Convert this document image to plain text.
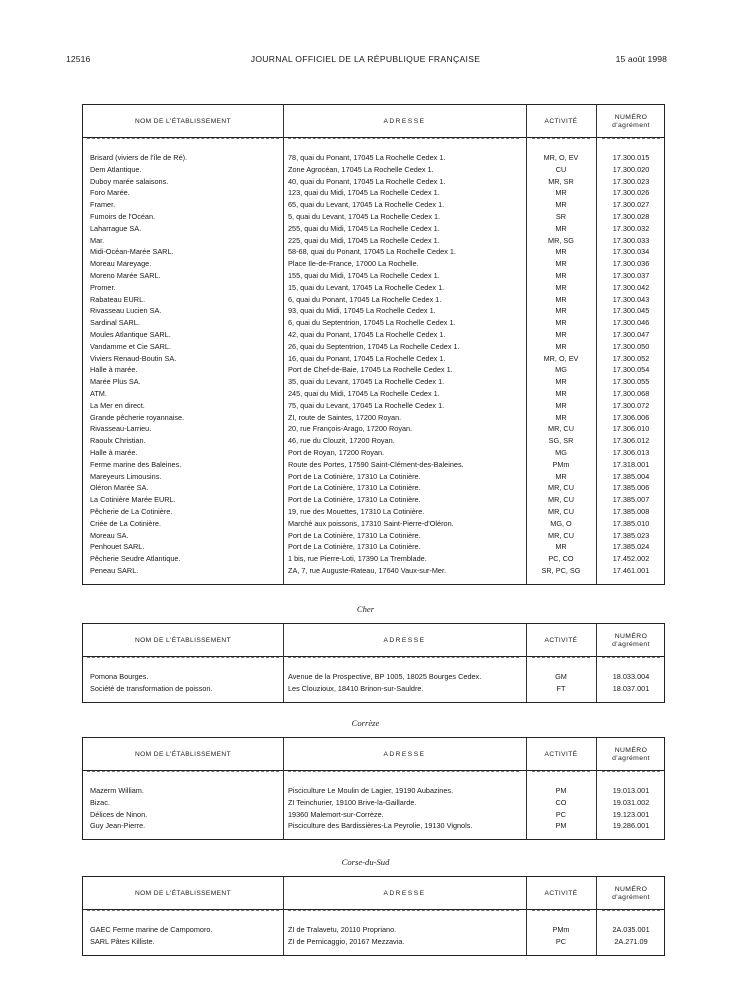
12516	JOURNAL OFFICIEL DE LA RÉPUBLIQUE FRANÇAISE	15 août 1998
NOM DE L'ÉTABLISSEMENT	ADRESSE	ACTIVITÉ
NUMÉRO
d'agrément
Brisard (viviers de l'île de Ré).	78, quai du Ponant, 17045 La Rochelle Cedex 1.	MR, O, EV	17.300.015
Dem Atlantique.	Zone Agrocéan, 17045 La Rochelle Cedex 1.	CU	17.300.020
Duboy marée salaisons.	40, quai du Ponant, 17045 La Rochelle Cedex 1.	MR, SR	17.300.023
Foro Marée.	123, quai du Midi, 17045 La Rochelle Cedex 1.	MR	17.300.026
Framer.	65, quai du Levant, 17045 La Rochelle Cedex 1.	MR	17.300.027
Fumoirs de l'Océan.	5, quai du Levant, 17045 La Rochelle Cedex 1.	SR	17.300.028
Laharrague SA.	255, quai du Midi, 17045 La Rochelle Cedex 1.	MR	17.300.032
Mar.	225, quai du Midi, 17045 La Rochelle Cedex 1.	MR, SG	17.300.033
Midi-Océan-Marée SARL.	58-68, quai du Ponant, 17045 La Rochelle Cedex 1.	MR	17.300.034
Moreau Mareyage.	Place Ile-de-France, 17000 La Rochelle.	MR	17.300.036
Moreno Marée SARL.	155, quai du Midi, 17045 La Rochelle Cedex 1.	MR	17.300.037
Promer.	15, quai du Levant, 17045 La Rochelle Cedex 1.	MR	17.300.042
Rabateau EURL.	6, quai du Ponant, 17045 La Rochelle Cedex 1.	MR	17.300.043
Rivasseau Lucien SA.	93, quai du Midi, 17045 La Rochelle Cedex 1.	MR	17.300.045
Sardinal SARL.	6, quai du Septentrion, 17045 La Rochelle Cedex 1.	MR	17.300.046
Moules Atlantique SARL.	42, quai du Ponant, 17045 La Rochelle Cedex 1.	MR	17.300.047
Vandamme et Cie SARL.	26, quai du Septentrion, 17045 La Rochelle Cedex 1.	MR	17.300.050
Viviers Renaud-Boutin SA.	16, quai du Ponant, 17045 La Rochelle Cedex 1.	MR, O, EV	17.300.052
Halle à marée.	Port de Chef-de-Baie, 17045 La Rochelle Cedex 1.	MG	17.300.054
Marée Plus SA.	35, quai du Levant, 17045 La Rochelle Cedex 1.	MR	17.300.055
ATM.	245, quai du Midi, 17045 La Rochelle Cedex 1.	MR	17.300.068
La Mer en direct.	75, quai du Levant, 17045 La Rochelle Cedex 1.	MR	17.300.072
Grande pêcherie royannaise.	ZI, route de Saintes, 17200 Royan.	MR	17.306.006
Rivasseau-Larrieu.	20, rue François-Arago, 17200 Royan.	MR, CU	17.306.010
Raoulx Christian.	46, rue du Clouzit, 17200 Royan.	SG, SR	17.306.012
Halle à marée.	Port de Royan, 17200 Royan.	MG	17.306.013
Ferme marine des Baleines.	Route des Portes, 17590 Saint-Clément-des-Baleines.	PMm	17.318.001
Mareyeurs Limousins.	Port de La Cotinière, 17310 La Cotinière.	MR	17.385.004
Oléron Marée SA.	Port de La Cotinière, 17310 La Cotinière.	MR, CU	17.385.006
La Cotinière Marée EURL.	Port de La Cotinière, 17310 La Cotinière.	MR, CU	17.385.007
Pêcherie de La Cotinière.	19, rue des Mouettes, 17310 La Cotinière.	MR, CU	17.385.008
Criée de La Cotinière.	Marché aux poissons, 17310 Saint-Pierre-d'Oléron.	MG, O	17.385.010
Moreau SA.	Port de La Cotinière, 17310 La Cotinière.	MR, CU	17.385.023
Penhouet SARL.	Port de La Cotinière, 17310 La Cotinière.	MR	17.385.024
Pêcherie Seudre Atlantique.	1 bis, rue Pierre-Loti, 17390 La Tremblade.	PC, CO	17.452.002
Peneau SARL.	ZA, 7, rue Auguste-Rateau, 17640 Vaux-sur-Mer.	SR, PC, SG	17.461.001
Cher
NOM DE L'ÉTABLISSEMENT	ADRESSE	ACTIVITÉ
NUMÉRO
d'agrément
Pomona Bourges.	Avenue de la Prospective, BP 1005, 18025 Bourges Cedex.	GM	18.033.004
Société de transformation de poisson.	Les Clouzioux, 18410 Brinon-sur-Sauldre.	FT	18.037.001
Corrèze
NOM DE L'ÉTABLISSEMENT	ADRESSE	ACTIVITÉ
NUMÉRO
d'agrément
Mazerm William.	Pisciculture Le Moulin de Lagier, 19190 Aubazines.	PM	19.013.001
Bizac.	ZI Teinchurier, 19100 Brive-la-Gaillarde.	CO	19.031.002
Délices de Ninon.	19360 Malemort-sur-Corrèze.	PC	19.123.001
Guy Jean-Pierre.	Pisciculture des Bardissières-La Peyrolie, 19130 Vignols.	PM	19.286.001
Corse-du-Sud
NOM DE L'ÉTABLISSEMENT	ADRESSE	ACTIVITÉ
NUMÉRO
d'agrément
GAEC Ferme marine de Campomoro.	ZI de Tralavetu, 20110 Propriano.	PMm	2A.035.001
SARL Pâtes Killiste.	ZI de Pernicaggio, 20167 Mezzavia.	PC	2A.271.09
